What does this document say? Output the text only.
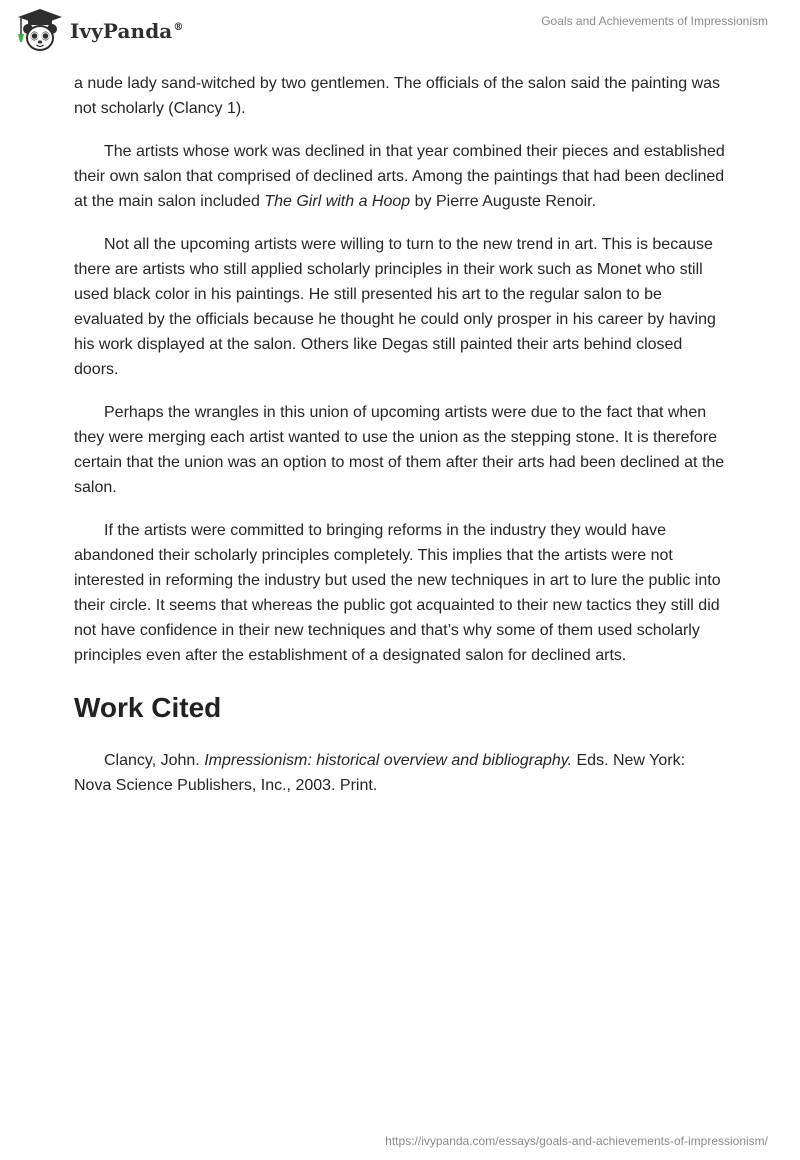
IvyPanda®	Goals and Achievements of Impressionism

a nude lady sand-witched by two gentlemen. The officials of the salon said the painting was not scholarly (Clancy 1).

The artists whose work was declined in that year combined their pieces and established their own salon that comprised of declined arts. Among the paintings that had been declined at the main salon included The Girl with a Hoop by Pierre Auguste Renoir.

Not all the upcoming artists were willing to turn to the new trend in art. This is because there are artists who still applied scholarly principles in their work such as Monet who still used black color in his paintings. He still presented his art to the regular salon to be evaluated by the officials because he thought he could only prosper in his career by having his work displayed at the salon. Others like Degas still painted their arts behind closed doors.

Perhaps the wrangles in this union of upcoming artists were due to the fact that when they were merging each artist wanted to use the union as the stepping stone. It is therefore certain that the union was an option to most of them after their arts had been declined at the salon.

If the artists were committed to bringing reforms in the industry they would have abandoned their scholarly principles completely. This implies that the artists were not interested in reforming the industry but used the new techniques in art to lure the public into their circle. It seems that whereas the public got acquainted to their new tactics they still did not have confidence in their new techniques and that’s why some of them used scholarly principles even after the establishment of a designated salon for declined arts.

Work Cited

Clancy, John. Impressionism: historical overview and bibliography. Eds. New York: Nova Science Publishers, Inc., 2003. Print.

https://ivypanda.com/essays/goals-and-achievements-of-impressionism/
